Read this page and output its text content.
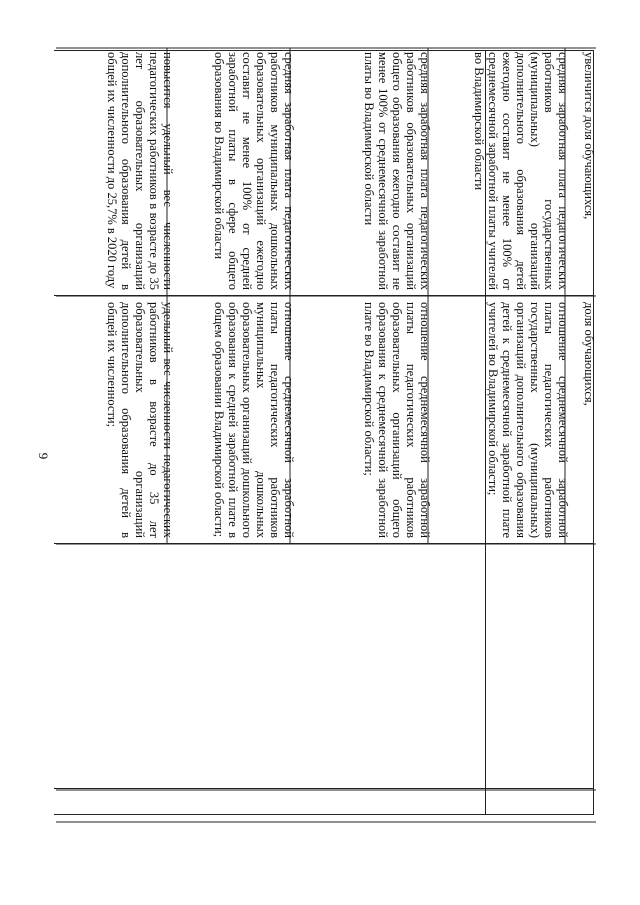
9
повысится удельный вес численности педагогических работников в возрасте до 35 лет образовательных организаций дополнительного образования детей в общей их численности до 25,7% в 2020 году
удельный вес численности педагогических работников в возрасте до 35 лет образовательных организаций дополнительного образования детей в общей их численности;
средняя заработная плата педагогических работников муниципальных дошкольных образовательных организаций ежегодно составит не менее 100% от средней заработной платы в сфере общего образования во Владимирской области
отношение среднемесячной заработной платы педагогических работников муниципальных дошкольных образовательных организаций дошкольного образования к средней заработной плате в общем образовании Владимирской области;
средняя заработная плата педагогических работников образовательных организаций общего образования ежегодно составит не менее 100% от среднемесячной заработной платы во Владимирской области
отношение среднемесячной заработной платы педагогических работников образовательных организаций общего образования к среднемесячной заработной плате во Владимирской области;
средняя заработная плата педагогических работников государственных (муниципальных) организаций дополнительного образования детей ежегодно составит не менее 100% от среднемесячной заработной платы учителей во Владимирской области
отношение среднемесячной заработной платы педагогических работников государственных (муниципальных) организаций дополнительного образования детей к среднемесячной заработной плате учителей во Владимирской области;
увеличится доля обучающихся,
доля обучающихся,
